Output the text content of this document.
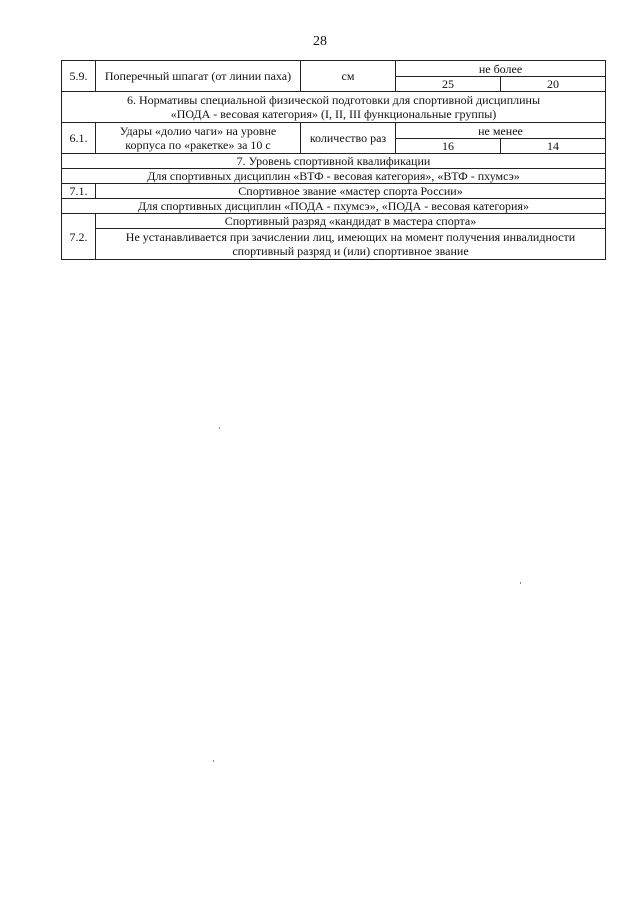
28
5.9.	Поперечный шпагат (от линии паха)	см	не более	
			25	20

6. Нормативы специальной физической подготовки для спортивной дисциплины
«ПОДА - весовая категория» (I, II, III функциональные группы)				

6.1.	Удары «долио чаги» на уровне
корпуса по «ракетке» за 10 с	количество раз	не менее	
			16	14
7. Уровень спортивной квалификации				
Для спортивных дисциплин «ВТФ - весовая категория», «ВТФ - пхумсэ»				
7.1.	Спортивное звание «мастер спорта России»			
Для спортивных дисциплин «ПОДА - пхумсэ», «ПОДА - весовая категория»				
7.2.	Спортивный разряд «кандидат в мастера спорта»			

	Не устанавливается при зачислении лиц, имеющих на момент получения инвалидности
спортивный разряд и (или) спортивное звание			
